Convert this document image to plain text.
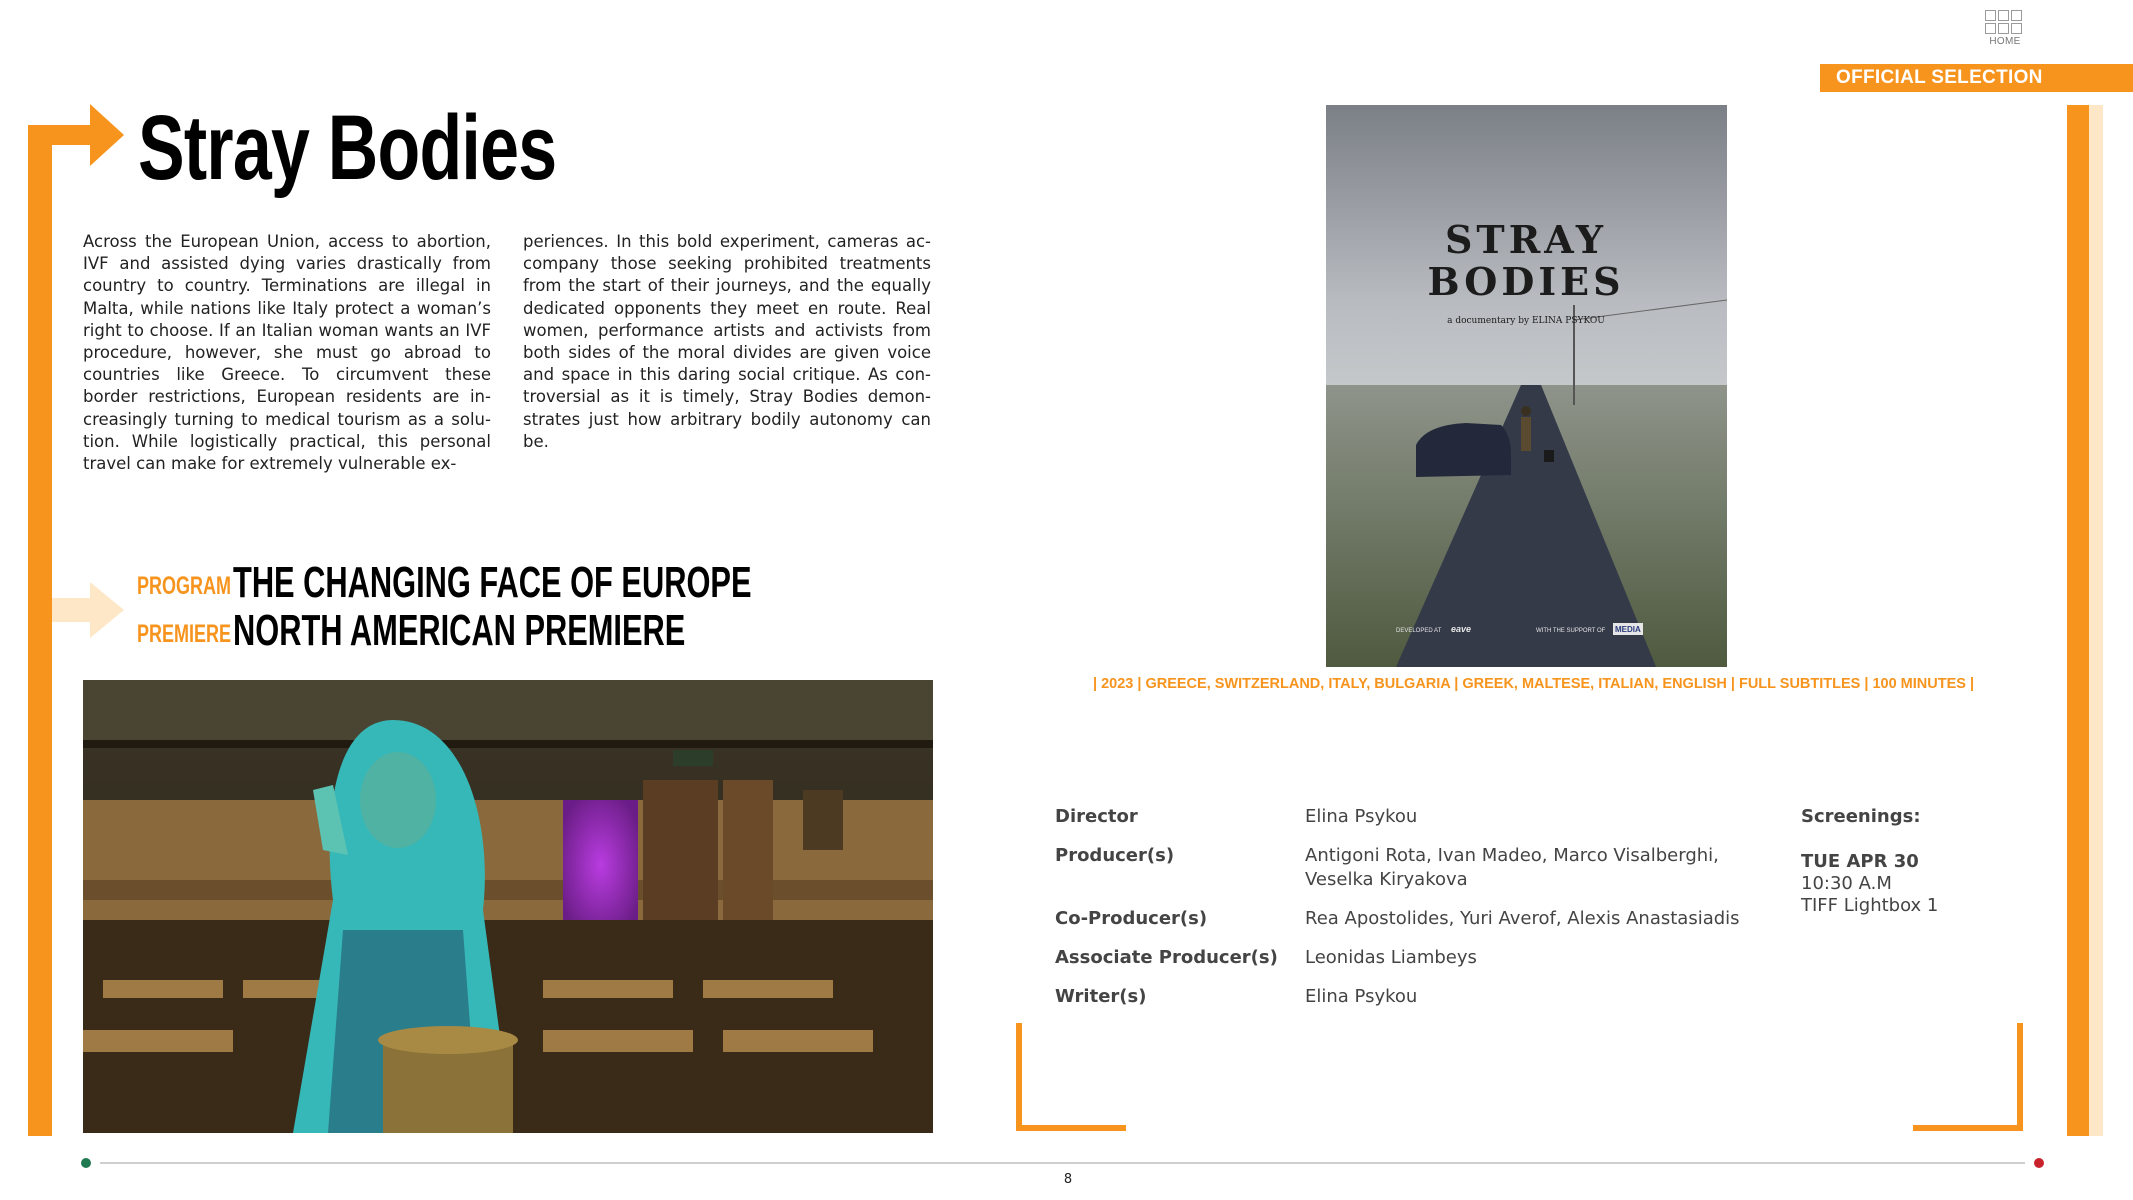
HOME
OFFICIAL SELECTION
Stray Bodies
Across the European Union, access to abortion, IVF and assisted dying varies drastically from country to country. Terminations are illegal in Malta, while nations like Italy protect a woman’s right to choose. If an Italian woman wants an IVF procedure, however, she must go abroad to countries like Greece. To circumvent these border restrictions, European residents are increasingly turning to medical tourism as a solution. While logistically practical, this personal travel can make for extremely vulnerable ex-
periences. In this bold experiment, cameras accompany those seeking prohibited treatments from the start of their journeys, and the equally dedicated opponents they meet en route. Real women, performance artists and activists from both sides of the moral divides are given voice and space in this daring social critique. As controversial as it is timely, Stray Bodies demonstrates just how arbitrary bodily autonomy can be.
PROGRAM THE CHANGING FACE OF EUROPE
PREMIERE NORTH AMERICAN PREMIERE
STRAY
BODIES
a documentary by ELINA PSYKOU
DEVELOPED AT eave	WITH THE SUPPORT OF MEDIA
| 2023 | GREECE, SWITZERLAND, ITALY, BULGARIA | GREEK, MALTESE, ITALIAN, ENGLISH | FULL SUBTITLES | 100 MINUTES |
Director	Elina Psykou
Producer(s)	Antigoni Rota, Ivan Madeo, Marco Visalberghi,
Veselka Kiryakova
Co-Producer(s)	Rea Apostolides, Yuri Averof, Alexis Anastasiadis
Associate Producer(s) Leonidas Liambeys
Writer(s)	Elina Psykou
Screenings:
TUE APR 30
10:30 A.M
TIFF Lightbox 1
8
